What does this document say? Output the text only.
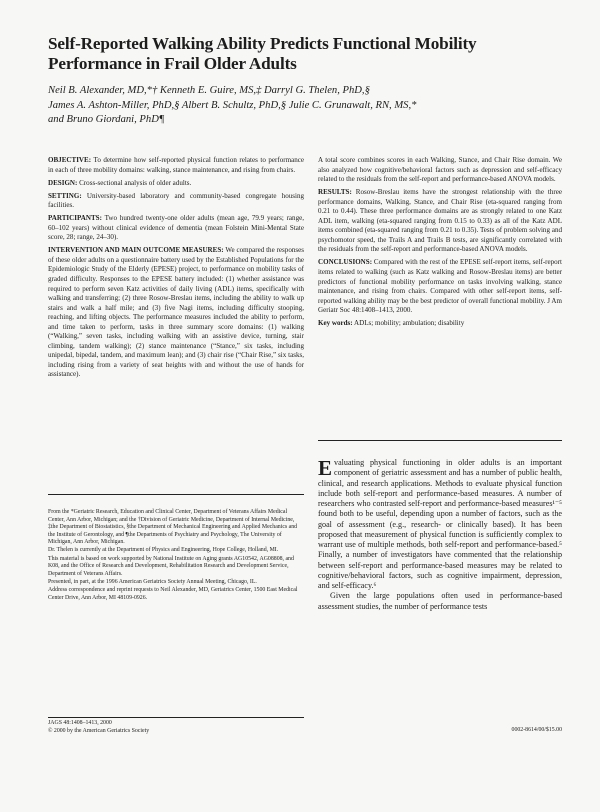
Self-Reported Walking Ability Predicts Functional Mobility Performance in Frail Older Adults
Neil B. Alexander, MD,*† Kenneth E. Guire, MS,‡ Darryl G. Thelen, PhD,§
James A. Ashton-Miller, PhD,§ Albert B. Schultz, PhD,§ Julie C. Grunawalt, RN, MS,*
and Bruno Giordani, PhD¶

OBJECTIVE: To determine how self-reported physical function relates to performance in each of three mobility domains: walking, stance maintenance, and rising from chairs.

DESIGN: Cross-sectional analysis of older adults.

SETTING: University-based laboratory and community-based congregate housing facilities.

PARTICIPANTS: Two hundred twenty-one older adults (mean age, 79.9 years; range, 60–102 years) without clinical evidence of dementia (mean Folstein Mini-Mental State score, 28; range, 24–30).

INTERVENTION AND MAIN OUTCOME MEASURES: We compared the responses of these older adults on a questionnaire battery used by the Established Populations for the Epidemiologic Study of the Elderly (EPESE) project, to performance on mobility tasks of graded difficulty. Responses to the EPESE battery included: (1) whether assistance was required to perform seven Katz activities of daily living (ADL) items, specifically with walking and transferring; (2) three Rosow-Breslau items, including the ability to walk up stairs and walk a half mile; and (3) five Nagi items, including difficulty stooping, reaching, and lifting objects. The performance measures included the ability to perform, and time taken to perform, tasks in three summary score domains: (1) walking (“Walking,” seven tasks, including walking with an assistive device, turning, stair climbing, tandem walking); (2) stance maintenance (“Stance,” six tasks, including unipedal, bipedal, tandem, and maximum lean); and (3) chair rise (“Chair Rise,” six tasks, including rising from a variety of seat heights with and without the use of hands for assistance).

A total score combines scores in each Walking, Stance, and Chair Rise domain. We also analyzed how cognitive/behavioral factors such as depression and self-efficacy related to the residuals from the self-report and performance-based ANOVA models.

RESULTS: Rosow-Breslau items have the strongest relationship with the three performance domains, Walking, Stance, and Chair Rise (eta-squared ranging from 0.21 to 0.44). These three performance domains are as strongly related to one Katz ADL item, walking (eta-squared ranging from 0.15 to 0.33) as all of the Katz ADL items combined (eta-squared ranging from 0.21 to 0.35). Tests of problem solving and psychomotor speed, the Trails A and Trails B tests, are significantly correlated with the residuals from the self-report and performance-based ANOVA models.

CONCLUSIONS: Compared with the rest of the EPESE self-report items, self-report items related to walking (such as Katz walking and Rosow-Breslau items) are better predictors of functional mobility performance on tasks involving walking, stance maintenance, and rising from chairs. Compared with other self-report items, self-reported walking ability may be the best predictor of overall functional mobility. J Am Geriatr Soc 48:1408–1413, 2000.

Key words: ADLs; mobility; ambulation; disability

Evaluating physical functioning in older adults is an important component of geriatric assessment and has a number of public health, clinical, and research applications. Methods to evaluate physical function include both self-report and performance-based measures. A number of researchers who contrasted self-report and performance-based measures¹⁻⁵ found both to be useful, depending upon a number of factors, such as the goal of assessment (e.g., research- or clinically based). It has been proposed that measurement of physical function is sufficiently complex to warrant use of multiple methods, both self-report and performance-based.⁵ Finally, a number of investigators have commented that the relationship between self-report and performance-based measures may be related to cognitive/behavioral factors, such as cognitive impairment, depression, and self-efficacy.⁶

Given the large populations often used in performance-based assessment studies, the number of performance tests

From the *Geriatric Research, Education and Clinical Center, Department of Veterans Affairs Medical Center, Ann Arbor, Michigan; and the †Division of Geriatric Medicine, Department of Internal Medicine, ‡the Department of Biostatistics, §the Department of Mechanical Engineering and Applied Mechanics and the Institute of Gerontology, and ¶the Departments of Psychiatry and Psychology, The University of Michigan, Ann Arbor, Michigan.

Dr. Thelen is currently at the Department of Physics and Engineering, Hope College, Holland, MI.

This material is based on work supported by National Institute on Aging grants AG10542, AG08808, and K08, and the Office of Research and Development, Rehabilitation Research and Development Service, Department of Veterans Affairs.

Presented, in part, at the 1996 American Geriatrics Society Annual Meeting, Chicago, IL.

Address correspondence and reprint requests to Neil Alexander, MD, Geriatrics Center, 1500 East Medical Center Drive, Ann Arbor, MI 48109-0926.

JAGS 48:1408–1413, 2000
© 2000 by the American Geriatrics Society	0002-8614/00/$15.00
